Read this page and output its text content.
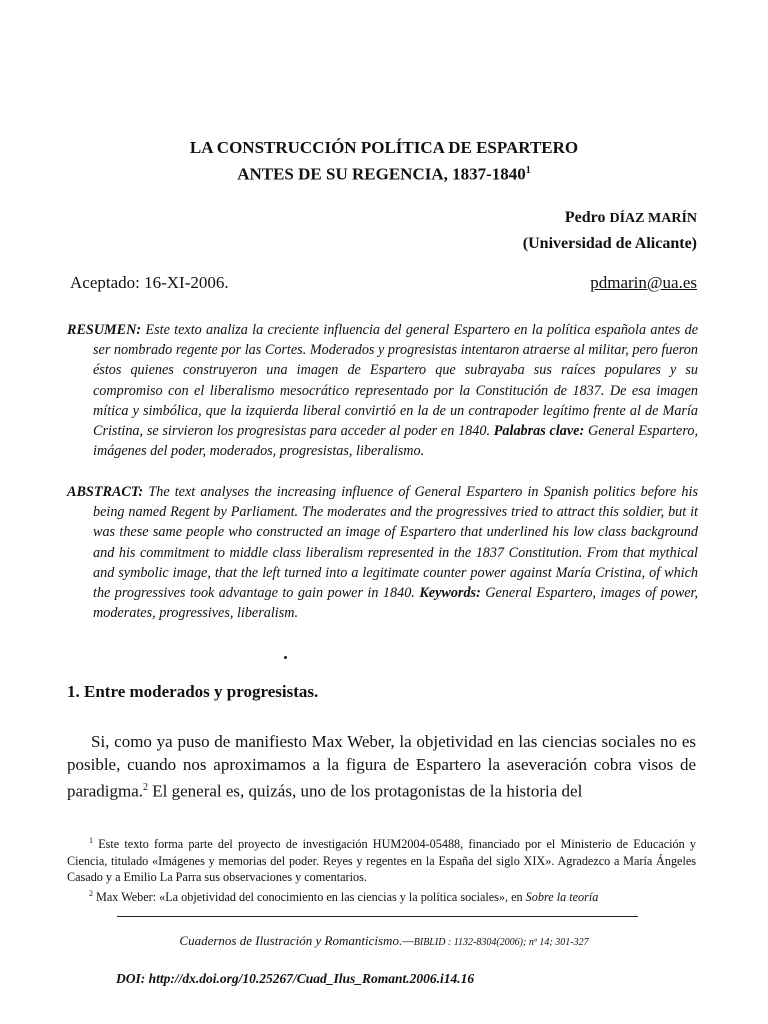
LA CONSTRUCCIÓN POLÍTICA DE ESPARTERO
ANTES DE SU REGENCIA, 1837-1840$^1$
Pedro DÍAZ MARÍN
(Universidad de Alicante)
Aceptado: 16-XI-2006.	pdmarin@ua.es
RESUMEN: Este texto analiza la creciente influencia del general Espartero en la política española antes de ser nombrado regente por las Cortes. Moderados y progresistas intentaron atraerse al militar, pero fueron éstos quienes construyeron una imagen de Espartero que subrayaba sus raíces populares y su compromiso con el liberalismo mesocrático representado por la Constitución de 1837. De esa imagen mítica y simbólica, que la izquierda liberal convirtió en la de un contrapoder legítimo frente al de María Cristina, se sirvieron los progresistas para acceder al poder en 1840. Palabras clave: General Espartero, imágenes del poder, moderados, progresistas, liberalismo.
ABSTRACT: The text analyses the increasing influence of General Espartero in Spanish politics before his being named Regent by Parliament. The moderates and the progressives tried to attract this soldier, but it was these same people who constructed an image of Espartero that underlined his low class background and his commitment to middle class liberalism represented in the 1837 Constitution. From that mythical and symbolic image, that the left turned into a legitimate counter power against María Cristina, of which the progressives took advantage to gain power in 1840. Keywords: General Espartero, images of power, moderates, progressives, liberalism.
1. Entre moderados y progresistas.
Si, como ya puso de manifiesto Max Weber, la objetividad en las ciencias sociales no es posible, cuando nos aproximamos a la figura de Espartero la aseveración cobra visos de paradigma.$^2$ El general es, quizás, uno de los protagonistas de la historia del

$^1$ Este texto forma parte del proyecto de investigación HUM2004-05488, financiado por el Ministerio de Educación y Ciencia, titulado «Imágenes y memorias del poder. Reyes y regentes en la España del siglo XIX». Agradezco a María Ángeles Casado y a Emilio La Parra sus observaciones y comentarios.

$^2$ Max Weber: «La objetividad del conocimiento en las ciencias y la política sociales», en Sobre la teoría

Cuadernos de Ilustración y Romanticismo.—BIBLID : 1132-8304(2006); nº 14; 301-327
DOI: http://dx.doi.org/10.25267/Cuad_Ilus_Romant.2006.i14.16
